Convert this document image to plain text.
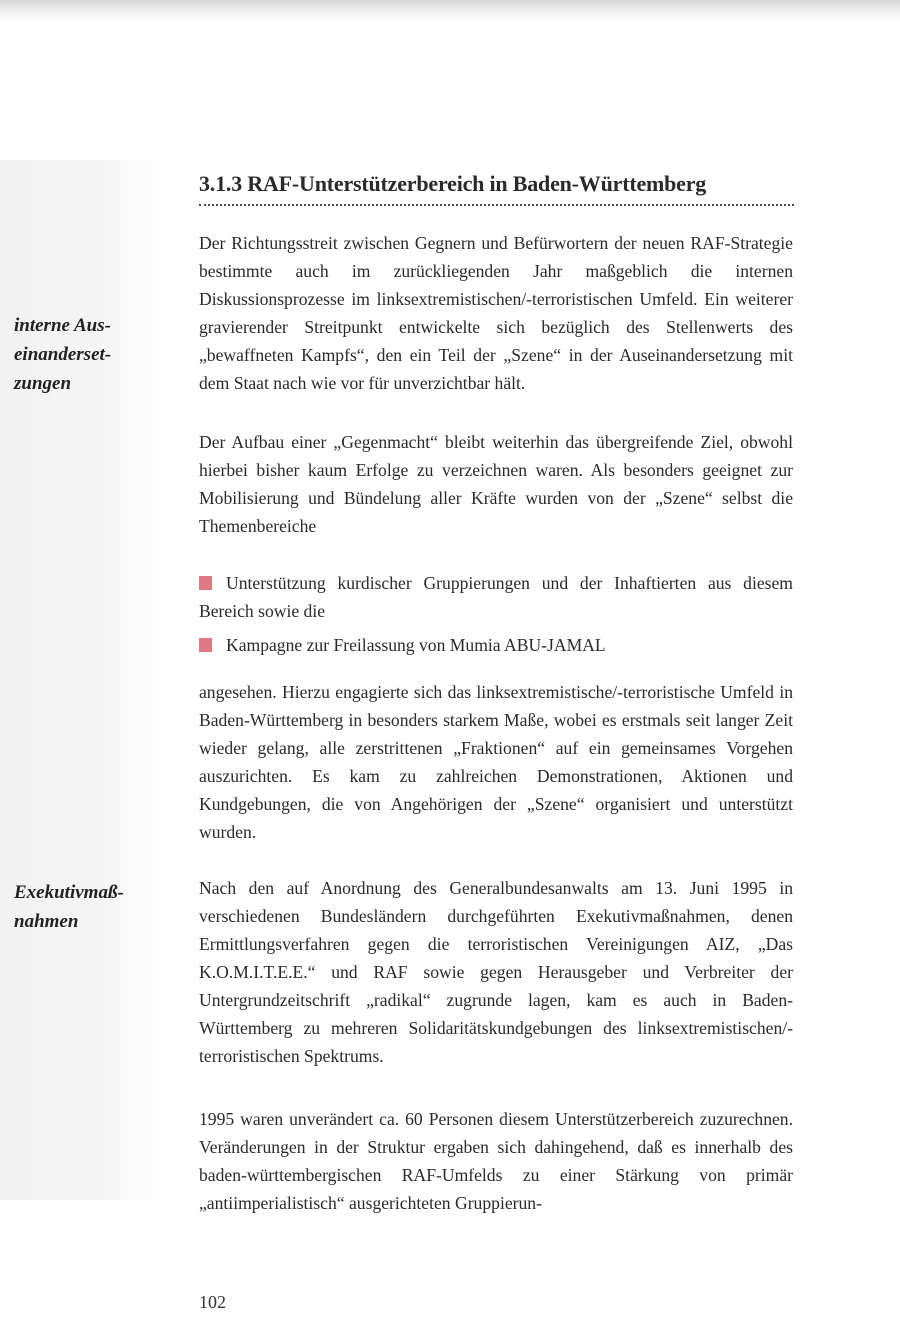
3.1.3 RAF-Unterstützerbereich in Baden-Württemberg
interne Aus-
einanderset-
zungen
Exekutivmaß-
nahmen

Der Richtungsstreit zwischen Gegnern und Befürwortern der neuen RAF-Strategie bestimmte auch im zurückliegenden Jahr maßgeblich die internen Diskussionsprozesse im linksextremistischen/-terroristischen Umfeld. Ein weiterer gravierender Streitpunkt entwickelte sich bezüglich des Stellenwerts des „bewaffneten Kampfs“, den ein Teil der „Szene“ in der Auseinandersetzung mit dem Staat nach wie vor für unverzichtbar hält.

Der Aufbau einer „Gegenmacht“ bleibt weiterhin das übergreifende Ziel, obwohl hierbei bisher kaum Erfolge zu verzeichnen waren. Als besonders geeignet zur Mobilisierung und Bündelung aller Kräfte wurden von der „Szene“ selbst die Themenbereiche

Unterstützung kurdischer Gruppierungen und der Inhaftierten aus diesem Bereich sowie die
Kampagne zur Freilassung von Mumia ABU-JAMAL

angesehen. Hierzu engagierte sich das linksextremistische/-terroristische Umfeld in Baden-Württemberg in besonders starkem Maße, wobei es erstmals seit langer Zeit wieder gelang, alle zerstrittenen „Fraktionen“ auf ein gemeinsames Vorgehen auszurichten. Es kam zu zahlreichen Demonstrationen, Aktionen und Kundgebungen, die von Angehörigen der „Szene“ organisiert und unterstützt wurden.

Nach den auf Anordnung des Generalbundesanwalts am 13. Juni 1995 in verschiedenen Bundesländern durchgeführten Exekutivmaßnahmen, denen Ermittlungsverfahren gegen die terroristischen Vereinigungen AIZ, „Das K.O.M.I.T.E.E.“ und RAF sowie gegen Herausgeber und Verbreiter der Untergrundzeitschrift „radikal“ zugrunde lagen, kam es auch in Baden-Württemberg zu mehreren Solidaritätskundgebungen des linksextremistischen/-terroristischen Spektrums.

1995 waren unverändert ca. 60 Personen diesem Unterstützerbereich zuzurechnen. Veränderungen in der Struktur ergaben sich dahingehend, daß es innerhalb des baden-württembergischen RAF-Umfelds zu einer Stärkung von primär „antiimperialistisch“ ausgerichteten Gruppierun-

102
